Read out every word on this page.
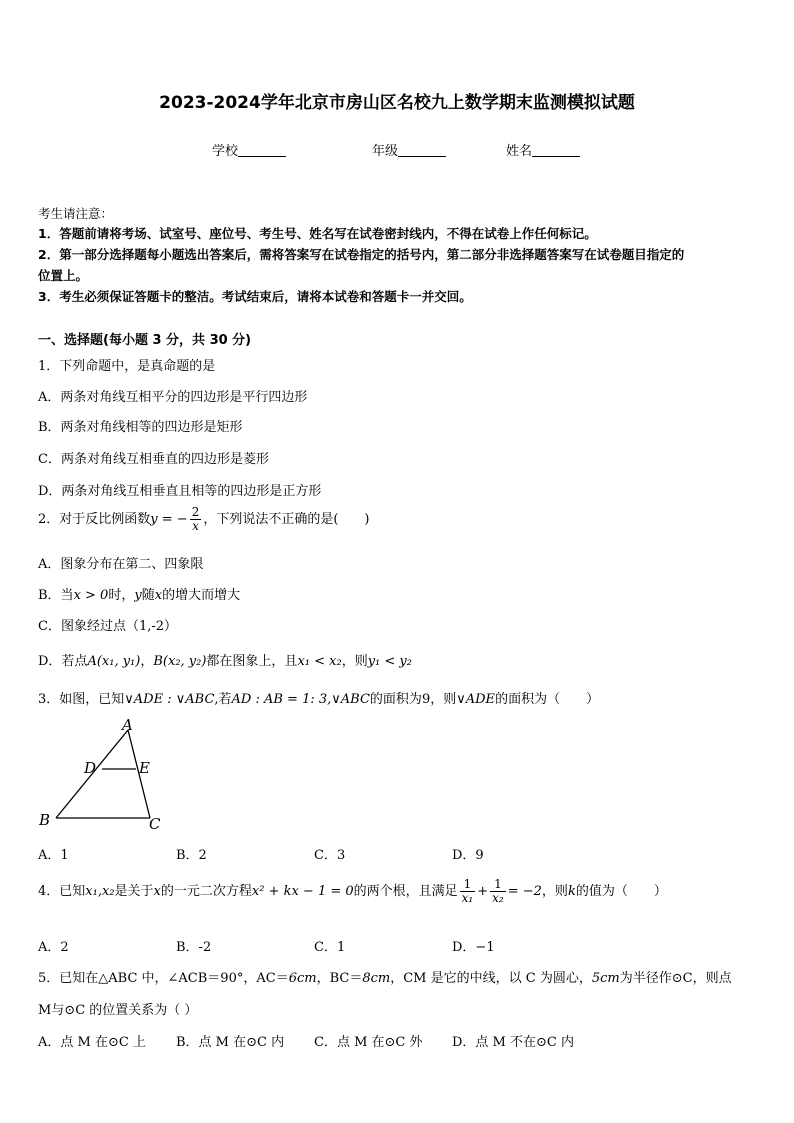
2023-2024学年北京市房山区名校九上数学期末监测模拟试题
学校	年级	姓名
考生请注意：
1．答题前请将考场、试室号、座位号、考生号、姓名写在试卷密封线内，不得在试卷上作任何标记。
2．第一部分选择题每小题选出答案后，需将答案写在试卷指定的括号内，第二部分非选择题答案写在试卷题目指定的
位置上。
3．考生必须保证答题卡的整洁。考试结束后，请将本试卷和答题卡一并交回。
一、选择题(每小题 3 分，共 30 分)
1．下列命题中，是真命题的是
A．两条对角线互相平分的四边形是平行四边形
B．两条对角线相等的四边形是矩形
C．两条对角线互相垂直的四边形是菱形
D．两条对角线互相垂直且相等的四边形是正方形
2．对于反比例函数y = − $\frac{2}{x}$ ，下列说法不正确的是(　　)
A．图象分布在第二、四象限
B．当x > 0时，y随x的增大而增大
C．图象经过点（1,-2）
D．若点A(x₁, y₁)，B(x₂, y₂)都在图象上，且x₁ < x₂，则y₁ < y₂
3．如图，已知∨ADE : ∨ABC,若AD : AB = 1: 3,∨ABC的面积为9，则∨ADE的面积为（　　）
A
D	E
B	C
A．1	B．2	C．3	D．9
4．已知x₁,x₂是关于x的一元二次方程x² + kx − 1 = 0的两个根，且满足 $\frac{1}{\text{x₁}} + \frac{1}{\text{x₂}} = -2$，则k的值为（　　）
A．2	B．-2	C．1	D．−1
5．已知在△ABC 中，∠ACB＝90°，AC＝6cm，BC＝8cm，CM 是它的中线，以 C 为圆心，5cm为半径作⊙C，则点
M与⊙C 的位置关系为（ ）
A．点 M 在⊙C 上 B．点 M 在⊙C 内 C．点 M 在⊙C 外 D．点 M 不在⊙C 内
